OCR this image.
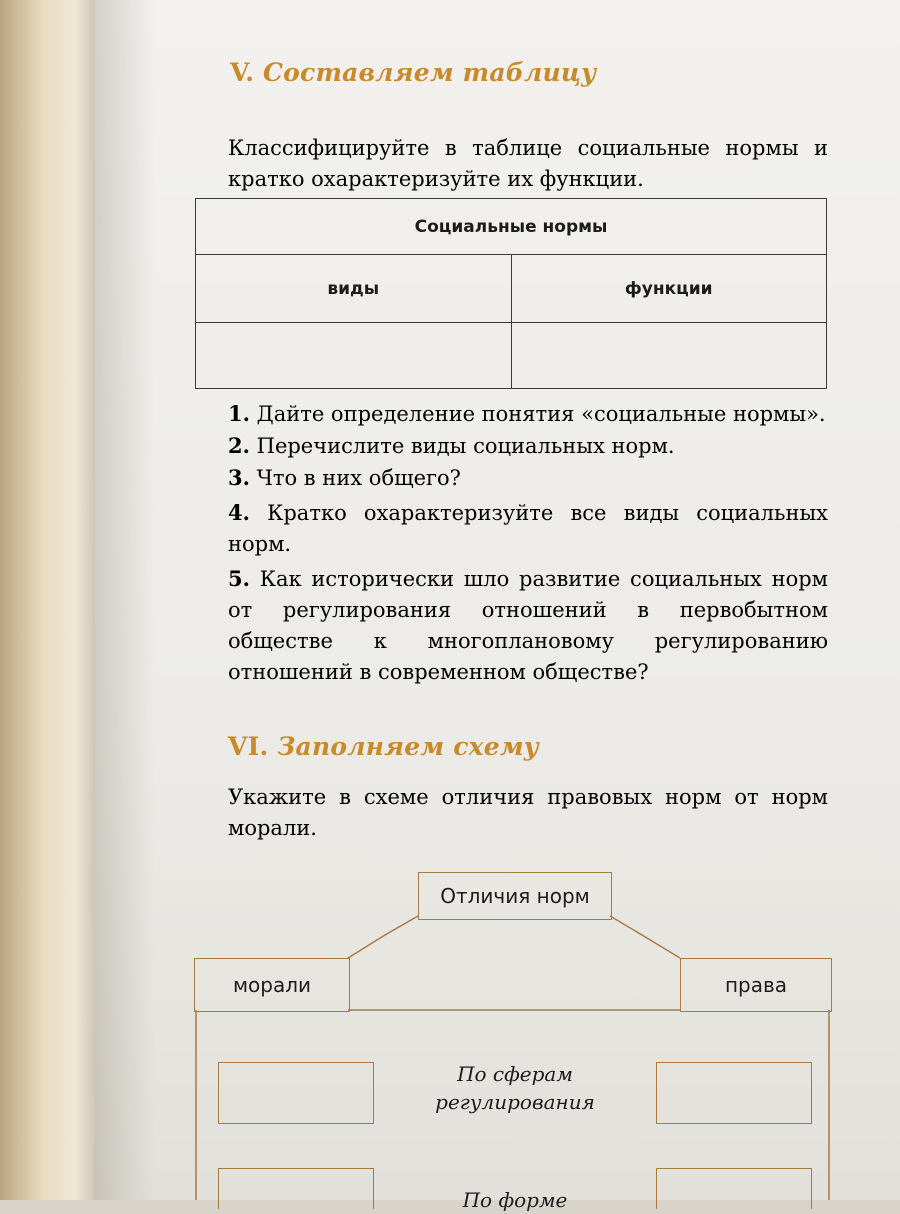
V. Составляем таблицу
Классифицируйте в таблице социальные нормы и кратко охарактеризуйте их функции.
Социальные нормы	
виды	функции

1. Дайте определение понятия «социальные нормы».
2. Перечислите виды социальных норм.
3. Что в них общего?
4. Кратко охарактеризуйте все виды социальных норм.
5. Как исторически шло развитие социальных норм от регулирования отношений в первобытном обществе к многоплановому регулированию отношений в современном обществе?
VI. Заполняем схему
Укажите в схеме отличия правовых норм от норм морали.
Отличия норм
морали	права
По сферам регулирования
По форме
